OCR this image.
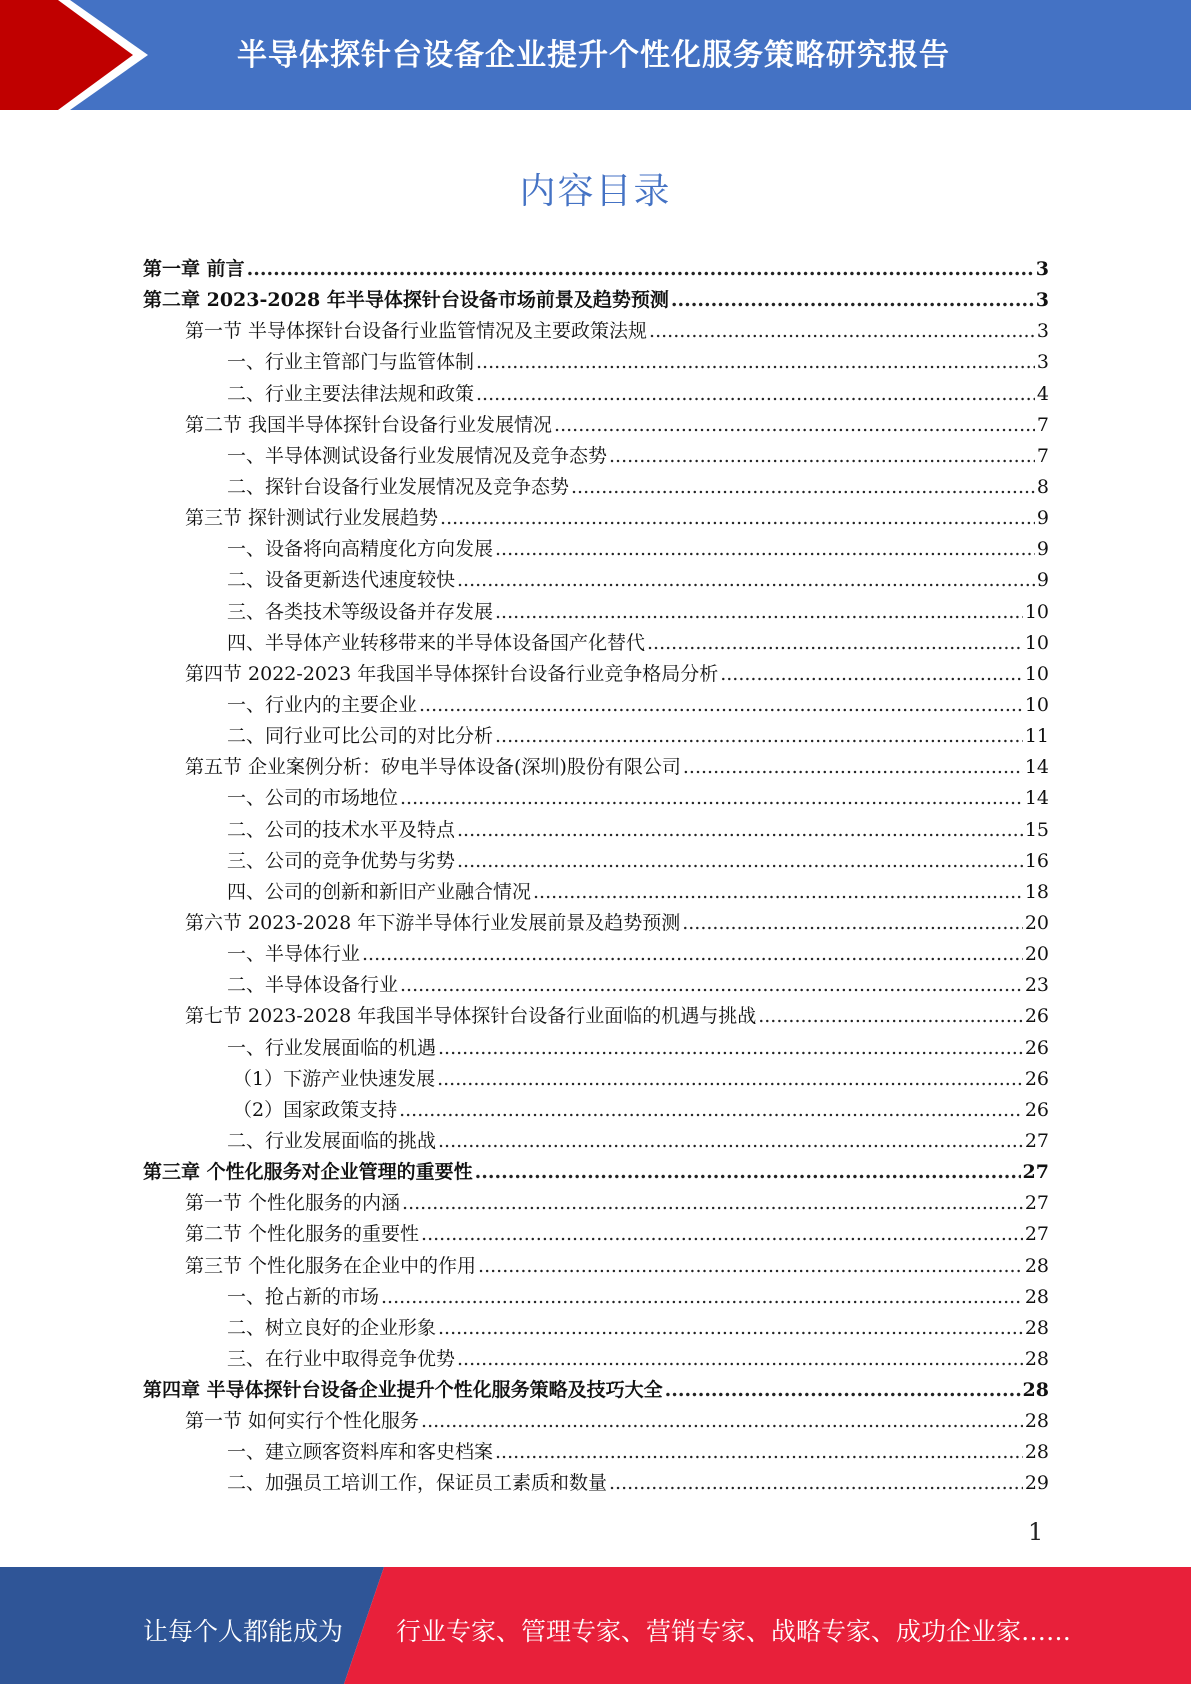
半导体探针台设备企业提升个性化服务策略研究报告
内容目录
第一章 前言 .....	3
第二章 2023-2028 年半导体探针台设备市场前景及趋势预测 .....	3
第一节 半导体探针台设备行业监管情况及主要政策法规 .....	3
一、行业主管部门与监管体制 .....	3
二、行业主要法律法规和政策 .....	4
第二节 我国半导体探针台设备行业发展情况 .....	7
一、半导体测试设备行业发展情况及竞争态势 .....	7
二、探针台设备行业发展情况及竞争态势 .....	8
第三节 探针测试行业发展趋势 .....	9
一、设备将向高精度化方向发展 .....	9
二、设备更新迭代速度较快 .....	9
三、各类技术等级设备并存发展 .....	10
四、半导体产业转移带来的半导体设备国产化替代 .....	10
第四节 2022-2023 年我国半导体探针台设备行业竞争格局分析 .....	10
一、行业内的主要企业 .....	10
二、同行业可比公司的对比分析 .....	11
第五节 企业案例分析：矽电半导体设备(深圳)股份有限公司 .....	14
一、公司的市场地位 .....	14
二、公司的技术水平及特点 .....	15
三、公司的竞争优势与劣势 .....	16
四、公司的创新和新旧产业融合情况 .....	18
第六节 2023-2028 年下游半导体行业发展前景及趋势预测 .....	20
一、半导体行业 .....	20
二、半导体设备行业 .....	23
第七节 2023-2028 年我国半导体探针台设备行业面临的机遇与挑战 .....	26
一、行业发展面临的机遇 .....	26
（1）下游产业快速发展 .....	26
（2）国家政策支持 .....	26
二、行业发展面临的挑战 .....	27
第三章 个性化服务对企业管理的重要性 .....	27
第一节 个性化服务的内涵 .....	27
第二节 个性化服务的重要性 .....	27
第三节 个性化服务在企业中的作用 .....	28
一、抢占新的市场 .....	28
二、树立良好的企业形象 .....	28
三、在行业中取得竞争优势 .....	28
第四章 半导体探针台设备企业提升个性化服务策略及技巧大全 .....	28
第一节 如何实行个性化服务 .....	28
一、建立顾客资料库和客史档案 .....	28
二、加强员工培训工作，保证员工素质和数量 .....	29
1
让每个人都能成为 行业专家、管理专家、营销专家、战略专家、成功企业家……
